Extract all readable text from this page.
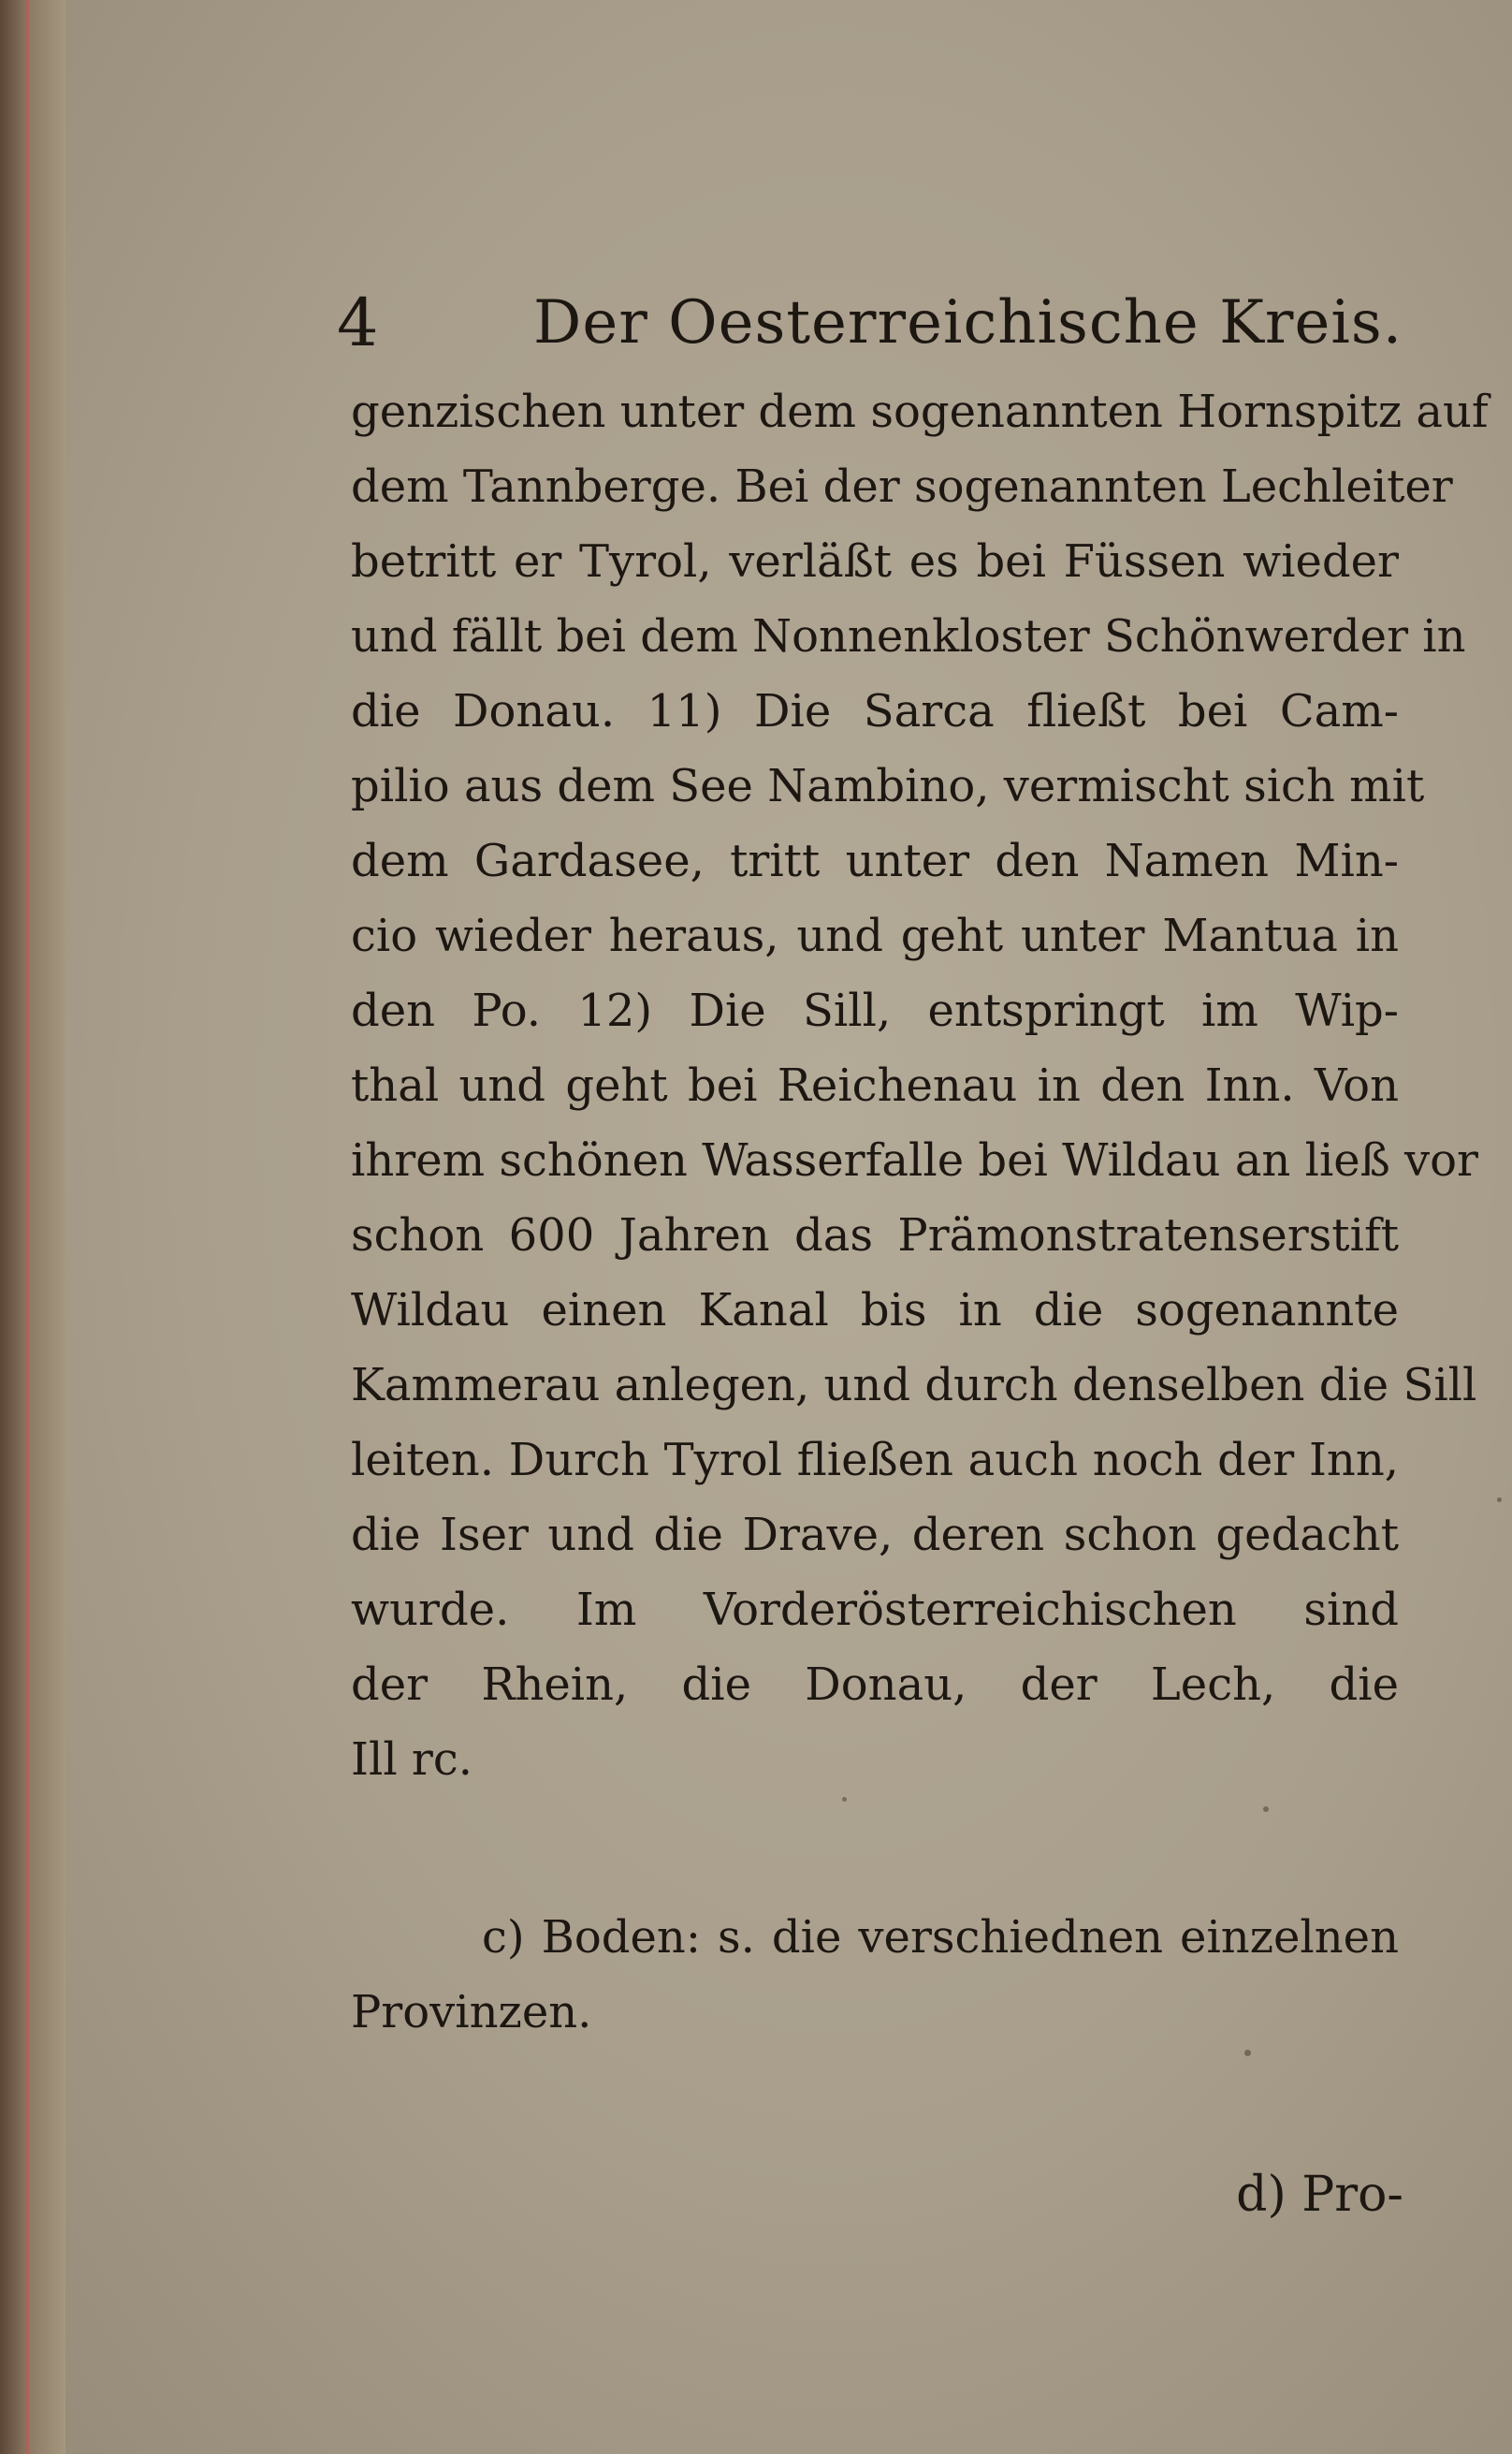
4	Der Oesterreichische Kreis.
genzischen unter dem sogenannten Hornspitz auf
dem Tannberge. Bei der sogenannten Lechleiter
betritt er Tyrol, verläßt es bei Füssen wieder
und fällt bei dem Nonnenkloster Schönwerder in
die Donau. 11) Die Sarca fließt bei Cam-
pilio aus dem See Nambino, vermischt sich mit
dem Gardasee, tritt unter den Namen Min-
cio wieder heraus, und geht unter Mantua in
den Po. 12) Die Sill, entspringt im Wip-
thal und geht bei Reichenau in den Inn. Von
ihrem schönen Wasserfalle bei Wildau an ließ vor
schon 600 Jahren das Prämonstratenserstift
Wildau einen Kanal bis in die sogenannte
Kammerau anlegen, und durch denselben die Sill
leiten. Durch Tyrol fließen auch noch der Inn,
die Iser und die Drave, deren schon gedacht
wurde. Im Vorderösterreichischen sind
der Rhein, die Donau, der Lech, die
Ill rc.
c) Boden: s. die verschiednen einzelnen
Provinzen.
d) Pro-
